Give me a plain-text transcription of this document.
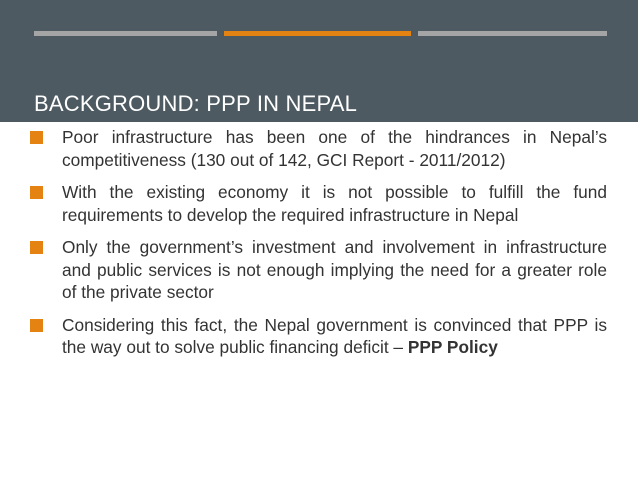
BACKGROUND: PPP IN NEPAL
Poor infrastructure has been one of the hindrances in Nepal’s competitiveness (130 out of 142, GCI Report - 2011/2012)
With the existing economy it is not possible to fulfill the fund requirements to develop the required infrastructure in Nepal
Only the government’s investment and involvement in infrastructure and public services is not enough implying the need for a greater role of the private sector
Considering this fact, the Nepal government is convinced that PPP is the way out to solve public financing deficit – PPP Policy
